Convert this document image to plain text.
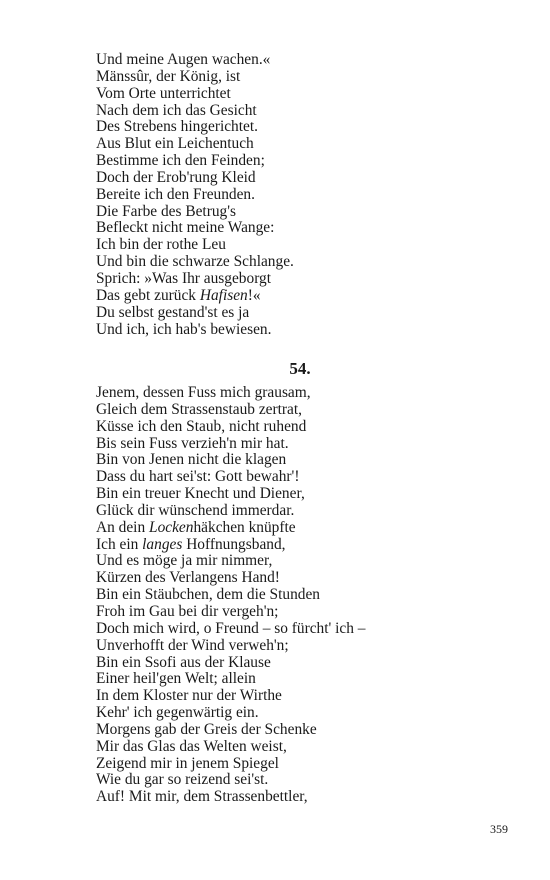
Und meine Augen wachen.«
Mänssûr, der König, ist
Vom Orte unterrichtet
Nach dem ich das Gesicht
Des Strebens hingerichtet.
Aus Blut ein Leichentuch
Bestimme ich den Feinden;
Doch der Erob'rung Kleid
Bereite ich den Freunden.
Die Farbe des Betrug's
Befleckt nicht meine Wange:
Ich bin der rothe Leu
Und bin die schwarze Schlange.
Sprich: »Was Ihr ausgeborgt
Das gebt zurück Hafisen!«
Du selbst gestand'st es ja
Und ich, ich hab's bewiesen.
54.
Jenem, dessen Fuss mich grausam,
Gleich dem Strassenstaub zertrat,
Küsse ich den Staub, nicht ruhend
Bis sein Fuss verzieh'n mir hat.
Bin von Jenen nicht die klagen
Dass du hart sei'st: Gott bewahr'!
Bin ein treuer Knecht und Diener,
Glück dir wünschend immerdar.
An dein Lockenhäkchen knüpfte
Ich ein langes Hoffnungsband,
Und es möge ja mir nimmer,
Kürzen des Verlangens Hand!
Bin ein Stäubchen, dem die Stunden
Froh im Gau bei dir vergeh'n;
Doch mich wird, o Freund – so fürcht' ich –
Unverhofft der Wind verweh'n;
Bin ein Ssofi aus der Klause
Einer heil'gen Welt; allein
In dem Kloster nur der Wirthe
Kehr' ich gegenwärtig ein.
Morgens gab der Greis der Schenke
Mir das Glas das Welten weist,
Zeigend mir in jenem Spiegel
Wie du gar so reizend sei'st.
Auf! Mit mir, dem Strassenbettler,
359
